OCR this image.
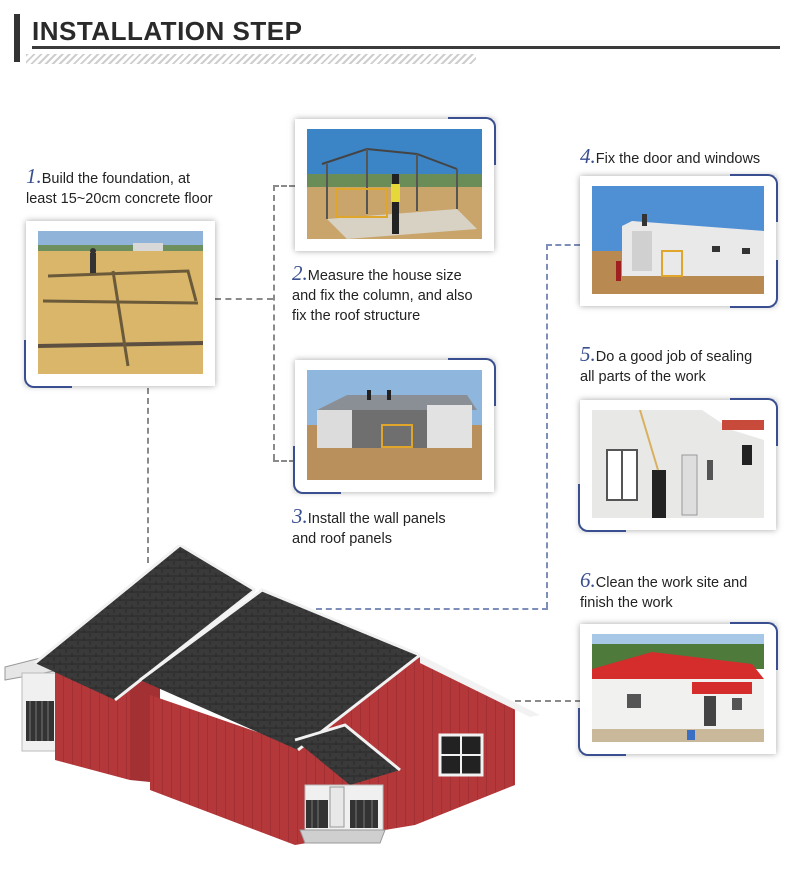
INSTALLATION STEP
1.Build the foundation, at
least 15~20cm concrete floor
2.Measure the house size
and fix the column, and also
fix the roof structure
3.Install the wall panels
and roof panels
4.Fix the door and windows
5.Do a good job of sealing
all parts of the work
6.Clean the work site and
finish the work
